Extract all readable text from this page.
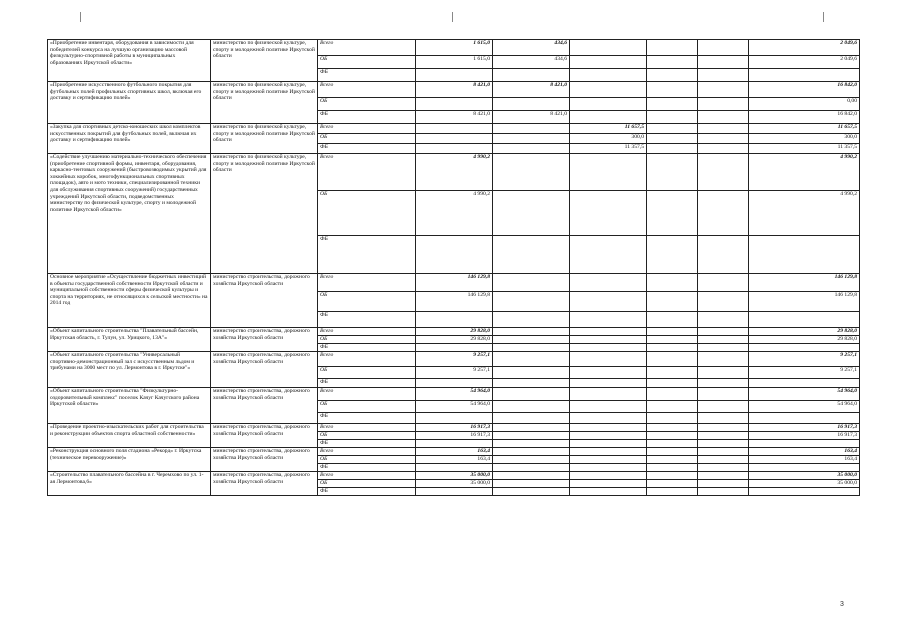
«Приобретение инвентаря, оборудования в зависимости для победителей конкурса на лучшую организацию массовой физкультурно-спортивной работы в муниципальных образованиях Иркутской области»	министерство по физической культуре, спорту и молодежной политике Иркутской области	Всего	1 615,0	434,6				2 049,6
		ОБ	1 615,0	434,6				2 049,6
		ФБ						
«Приобретение искусственного футбольного покрытия для футбольных полей профильных спортивных школ, включая его доставку и сертификацию полей»	министерство по физической культуре, спорту и молодежной политике Иркутской области	Всего	8 421,0	8 421,0				16 842,0
		ОБ						0,00
		ФБ	8 421,0	8 421,0				16 842,0
«Закупка для спортивных детско-юношеских школ комплектов искусственных покрытий для футбольных полей, включая их доставку и сертификацию полей»	министерство по физической культуре, спорту и молодежной политике Иркутской области	Всего			11 657,5			11 657,5
		ОБ			300,0			300,0
		ФБ			11 357,5			11 357,5
«Содействие улучшению материально-технического обеспечения (приобретение спортивной формы, инвентаря, оборудования, каркасно-тентовых сооружений (быстровозводимых укрытий для хоккейных коробок, многофункциональных спортивных площадок), авто и мото техники, специализированной техники для обслуживания спортивных сооружений) государственных учреждений Иркутской области, подведомственных министерству по физической культуре, спорту и молодежной политике Иркутской области»	министерство по физической культуре, спорту и молодежной политике Иркутской области	Всего	4 990,2					4 990,2
		ОБ	4 990,2					4 990,2
		ФБ						
Основное мероприятие «Осуществление бюджетных инвестиций в объекты государственной собственности Иркутской области и муниципальной собственности сферы физической культуры и спорта на территориях, не относящихся к сельской местности» на 2014 год	министерство строительства, дорожного хозяйства Иркутской области	Всего	146 129,8					146 129,8
		ОБ	146 129,8					146 129,8
		ФБ						
«Объект капитального строительства "Плавательный бассейн, Иркутская область, г. Тулун, ул. Урицкого, 13А"»	министерство строительства, дорожного хозяйства Иркутской области	Всего	29 828,0					29 828,0
		ОБ	29 828,0					29 828,0
		ФБ						
«Объект капитального строительства "Универсальный спортивно-демонстрационный зал с искусственным льдом и трибунами на 3000 мест по ул. Лермонтова в г. Иркутске"»	министерство строительства, дорожного хозяйства Иркутской области	Всего	9 257,1					9 257,1
		ОБ	9 257,1					9 257,1
		ФБ						
«Объект капитального строительства "Физкультурно-оздоровительный комплекс" поселок Качуг Качугского района Иркутской области»	министерство строительства, дорожного хозяйства Иркутской области	Всего	54 964,0					54 964,0
		ОБ	54 964,0					54 964,0
		ФБ						
«Проведение проектно-изыскательских работ для строительства и реконструкции объектов спорта областной собственности»	министерство строительства, дорожного хозяйства Иркутской области	Всего	16 917,3					16 917,3
		ОБ	16 917,3					16 917,3
		ФБ						
«Реконструкция основного поля стадиона «Рекорд» г. Иркутска (техническое перевооружение)»	министерство строительства, дорожного хозяйства Иркутской области	Всего	163,4					163,4
		ОБ	163,4					163,4
		ФБ						
«Строительство плавательного бассейна в г. Черемхово по ул. 1-ая Лермонтова,6»	министерство строительства, дорожного хозяйства Иркутской области	Всего	35 000,0					35 000,0
		ОБ	35 000,0					35 000,0
		ФБ						
3
